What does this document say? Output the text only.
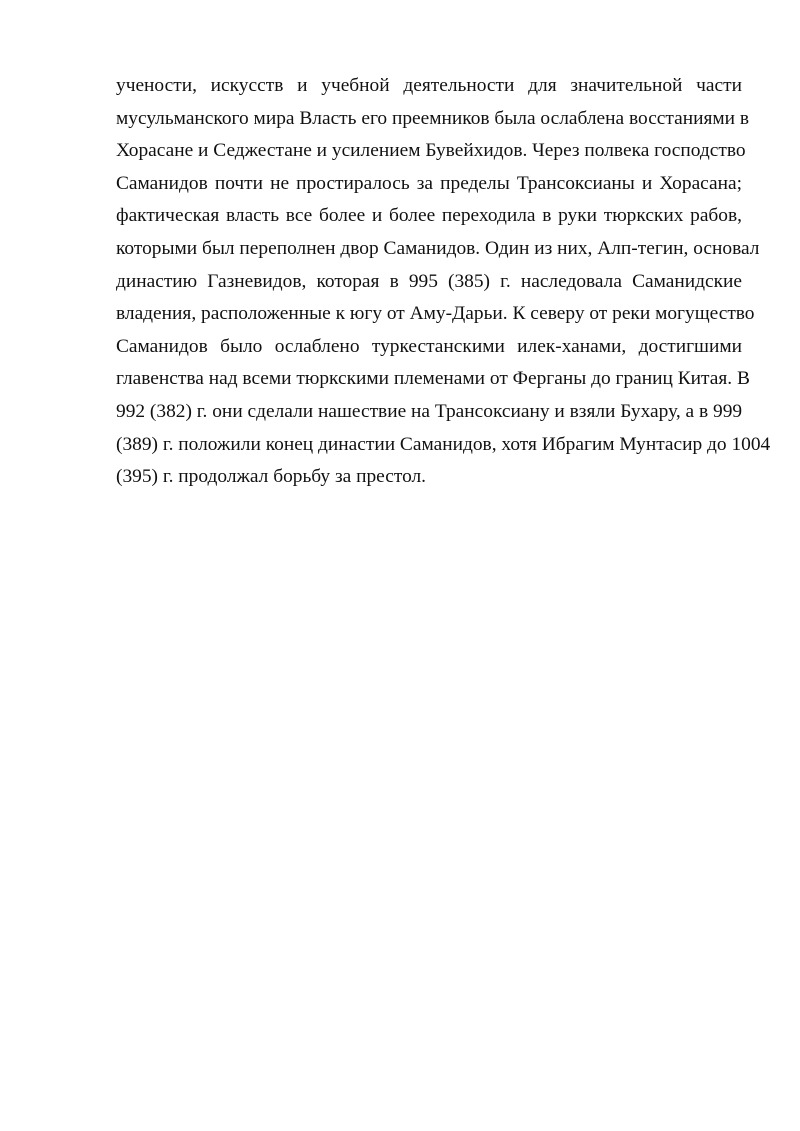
учености, искусств и учебной деятельности для значительной части
мусульманского мира Власть его преемников была ослаблена восстаниями в
Хорасане и Седжестане и усилением Бувейхидов. Через полвека господство
Саманидов почти не простиралось за пределы Трансоксианы и Хорасана;
фактическая власть все более и более переходила в руки тюркских рабов,
которыми был переполнен двор Саманидов. Один из них, Алп-тегин, основал
династию Газневидов, которая в 995 (385) г. наследовала Саманидские
владения, расположенные к югу от Аму-Дарьи. К северу от реки могущество
Саманидов было ослаблено туркестанскими илек-ханами, достигшими
главенства над всеми тюркскими племенами от Ферганы до границ Китая. В
992 (382) г. они сделали нашествие на Трансоксиану и взяли Бухару, а в 999
(389) г. положили конец династии Саманидов, хотя Ибрагим Мунтасир до 1004
(395) г. продолжал борьбу за престол.
